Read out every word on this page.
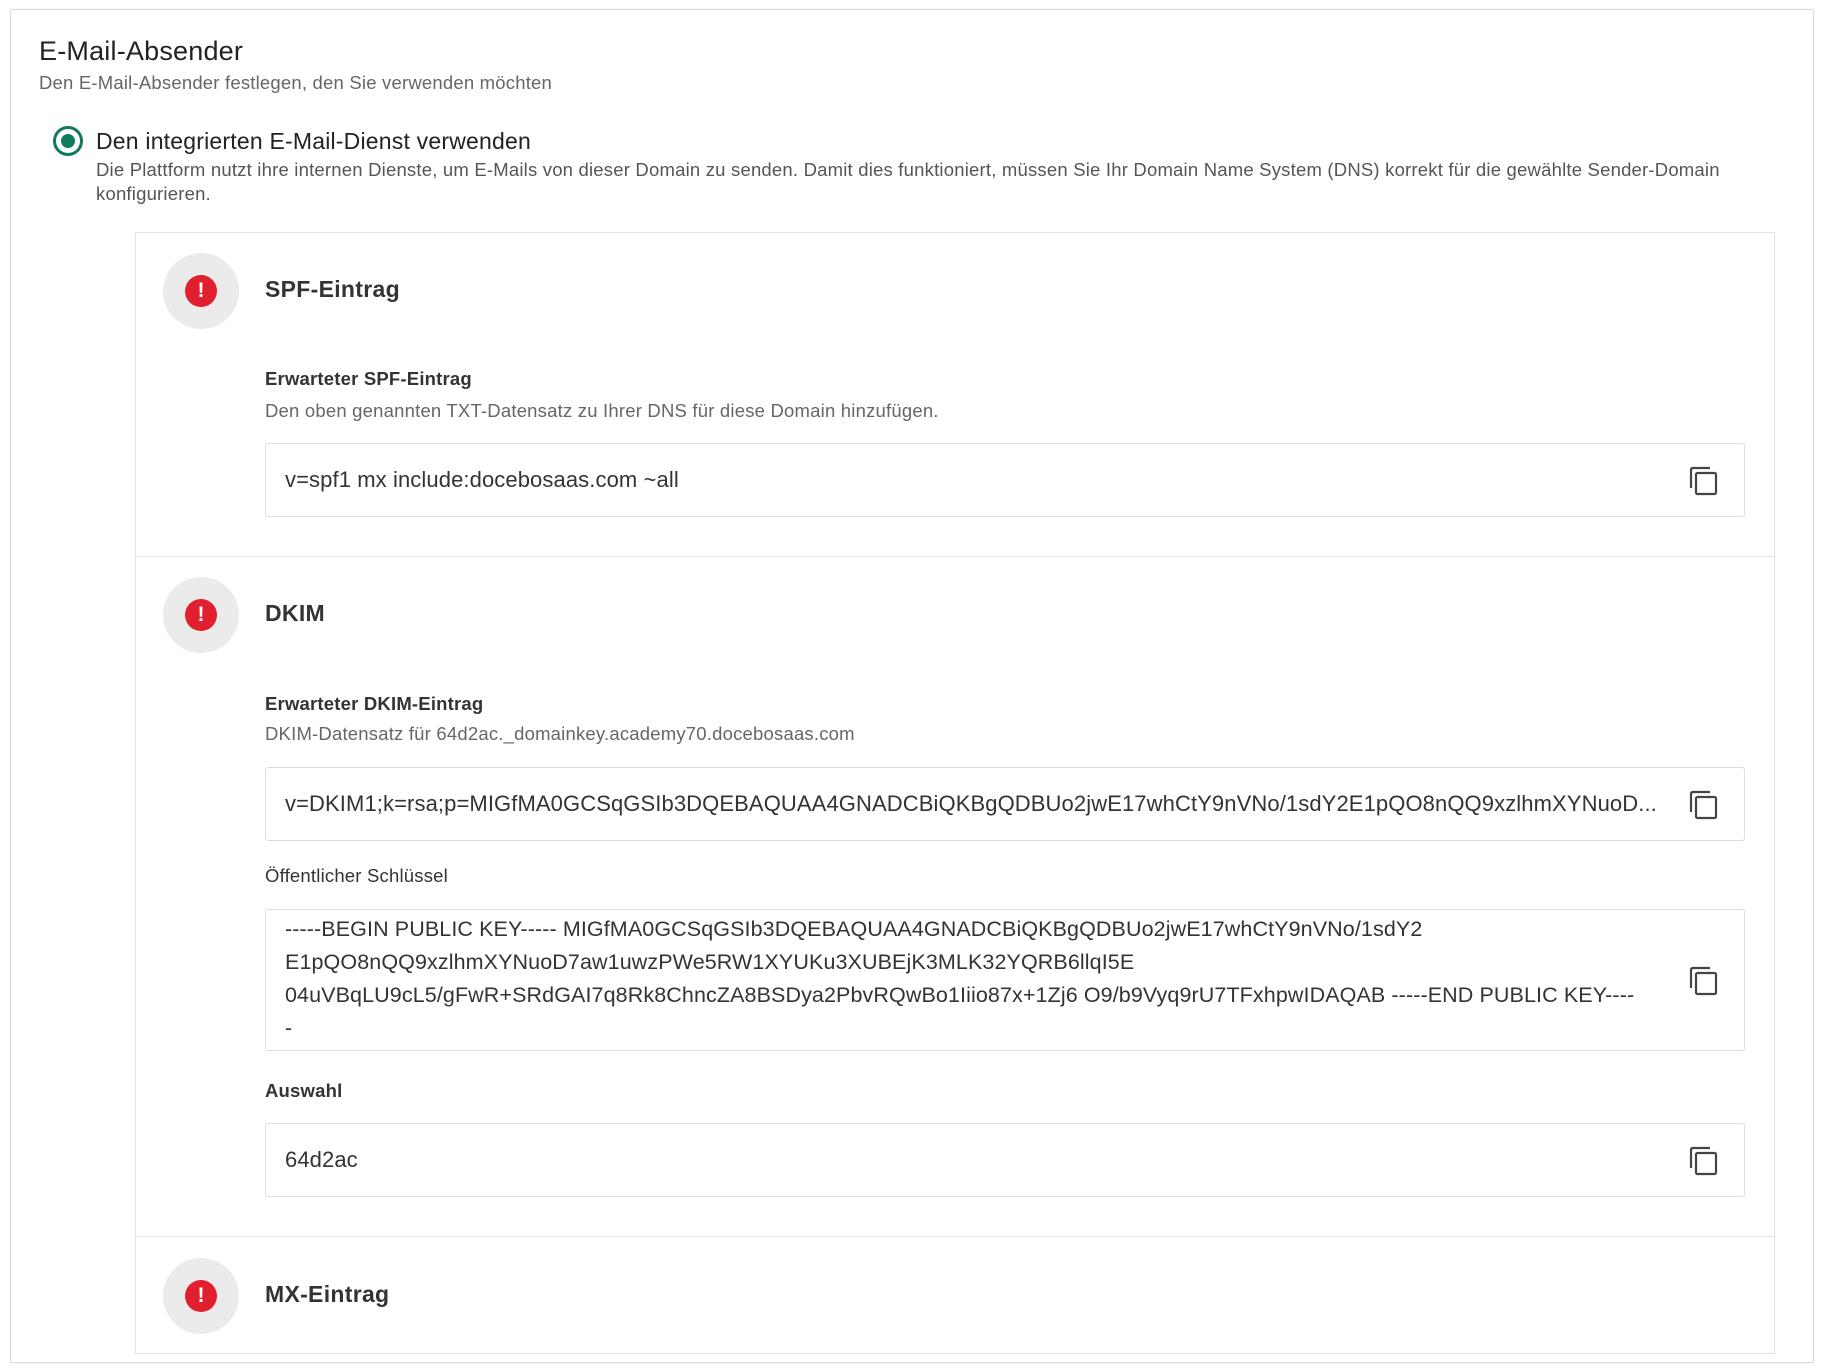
E-Mail-Absender
Den E-Mail-Absender festlegen, den Sie verwenden möchten
Den integrierten E-Mail-Dienst verwenden
Die Plattform nutzt ihre internen Dienste, um E-Mails von dieser Domain zu senden. Damit dies funktioniert, müssen Sie Ihr Domain Name System (DNS) korrekt für die gewählte Sender-Domain konfigurieren.
!	SPF-Eintrag
Erwarteter SPF-Eintrag
Den oben genannten TXT-Datensatz zu Ihrer DNS für diese Domain hinzufügen.
v=spf1 mx include:docebosaas.com ~all
!	DKIM
Erwarteter DKIM-Eintrag
DKIM-Datensatz für 64d2ac._domainkey.academy70.docebosaas.com
v=DKIM1;k=rsa;p=MIGfMA0GCSqGSIb3DQEBAQUAA4GNADCBiQKBgQDBUo2jwE17whCtY9nVNo/1sdY2E1pQO8nQQ9xzlhmXYNuoD...
Öffentlicher Schlüssel
-----BEGIN PUBLIC KEY----- MIGfMA0GCSqGSIb3DQEBAQUAA4GNADCBiQKBgQDBUo2jwE17whCtY9nVNo/1sdY2
E1pQO8nQQ9xzlhmXYNuoD7aw1uwzPWe5RW1XYUKu3XUBEjK3MLK32YQRB6llqI5E
04uVBqLU9cL5/gFwR+SRdGAI7q8Rk8ChncZA8BSDya2PbvRQwBo1Iiio87x+1Zj6 O9/b9Vyq9rU7TFxhpwIDAQAB -----END PUBLIC KEY----
-
Auswahl
64d2ac
!	MX-Eintrag
